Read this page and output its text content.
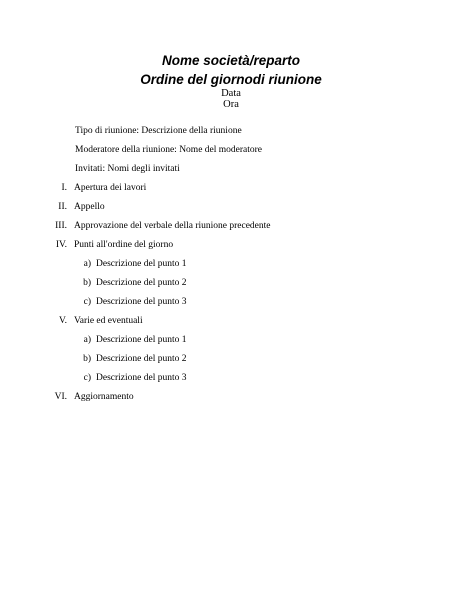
Nome società/reparto
Ordine del giornodi riunione
Data
Ora
Tipo di riunione: Descrizione della riunione
Moderatore della riunione: Nome del moderatore
Invitati: Nomi degli invitati
I. Apertura dei lavori
II. Appello
III. Approvazione del verbale della riunione precedente
IV. Punti all'ordine del giorno
a) Descrizione del punto 1
b) Descrizione del punto 2
c) Descrizione del punto 3
V. Varie ed eventuali
a) Descrizione del punto 1
b) Descrizione del punto 2
c) Descrizione del punto 3
VI. Aggiornamento
